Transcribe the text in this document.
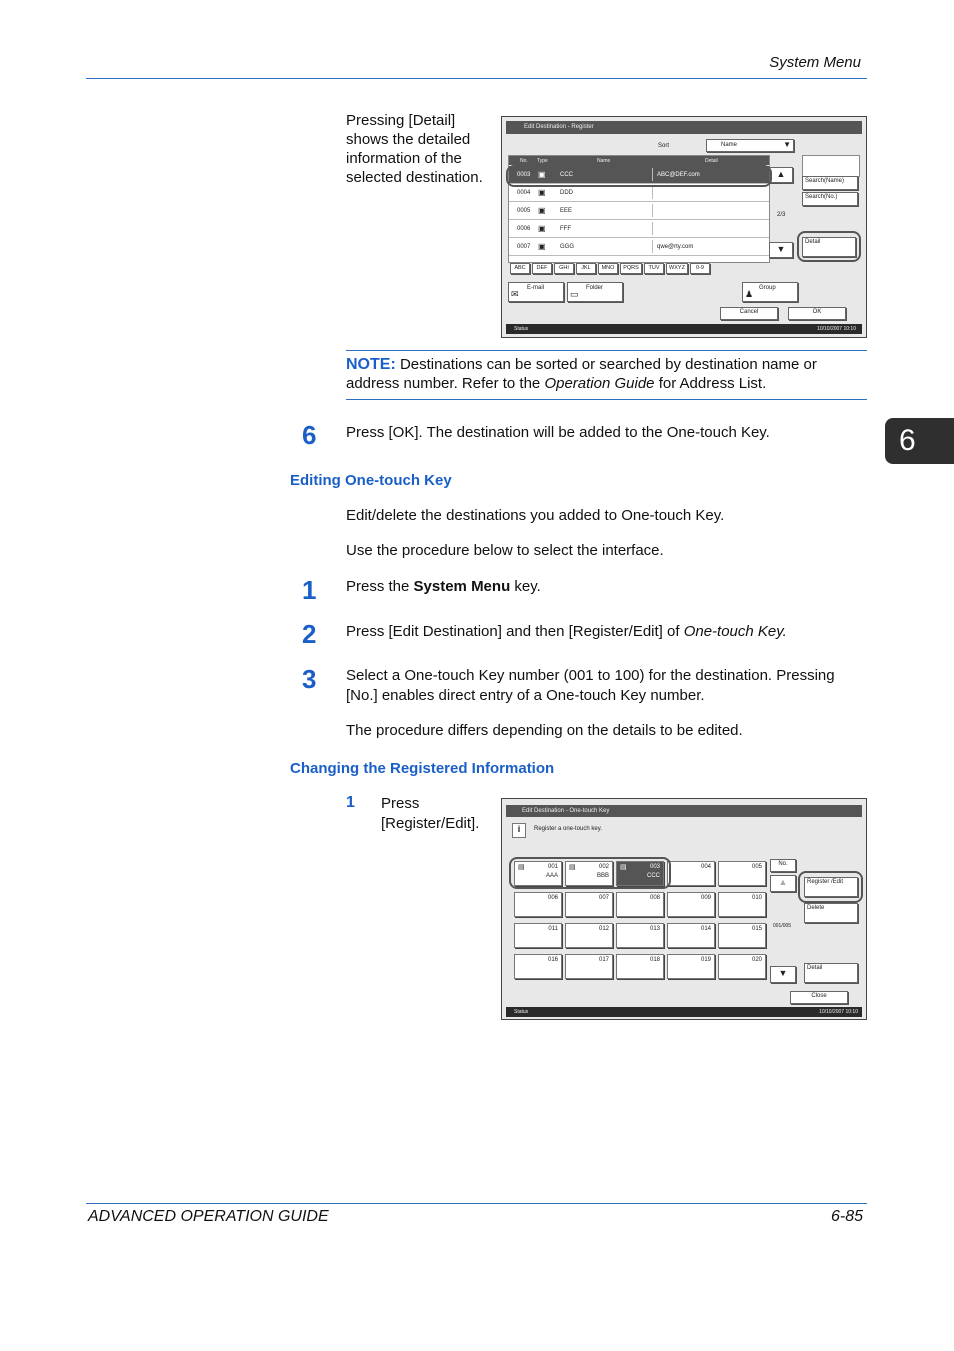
System Menu
6
Pressing [Detail] shows the detailed information of the selected destination.
Edit Destination - Register
Sort	Name	▼
No. Type	Name	Detail
0003 ▣ CCC	ABC@DEF.com
0004 ▣ DDD
0005 ▣ EEE
0006 ▣ FFF
0007 ▣ GGG	qwe@rty.com
▲
2/3
▼
Search(Name)
Search(No.)
Detail
ABC	DEF	GHI	JKL	MNO	PQRS	TUV	WXYZ	0-9
✉
E-mail
▭
Folder
♟
Group
Cancel	OK
Status	10/10/2007 10:10
NOTE: Destinations can be sorted or searched by destination name or address number. Refer to the Operation Guide for Address List.
6 Press [OK]. The destination will be added to the One-touch Key.
Editing One-touch Key
Edit/delete the destinations you added to One-touch Key.
Use the procedure below to select the interface.
1 Press the System Menu key.
2 Press [Edit Destination] and then [Register/Edit] of One-touch Key.
3 Select a One-touch Key number (001 to 100) for the destination. Pressing [No.] enables direct entry of a One-touch Key number.
The procedure differs depending on the details to be edited.
Changing the Registered Information
1 Press [Register/Edit].
Edit Destination - One-touch Key
i	Register a one-touch key.
001
AAA
▤	002
BBB
▤	003
CCC
▤	004	005
006	007	008	009	010
011	012	013	014	015
016	017	018	019	020
No.
▲
001/005
▼
Delete
Register /Edit
Detail
Close
Status	10/10/2007 10:10
ADVANCED OPERATION GUIDE	6-85
